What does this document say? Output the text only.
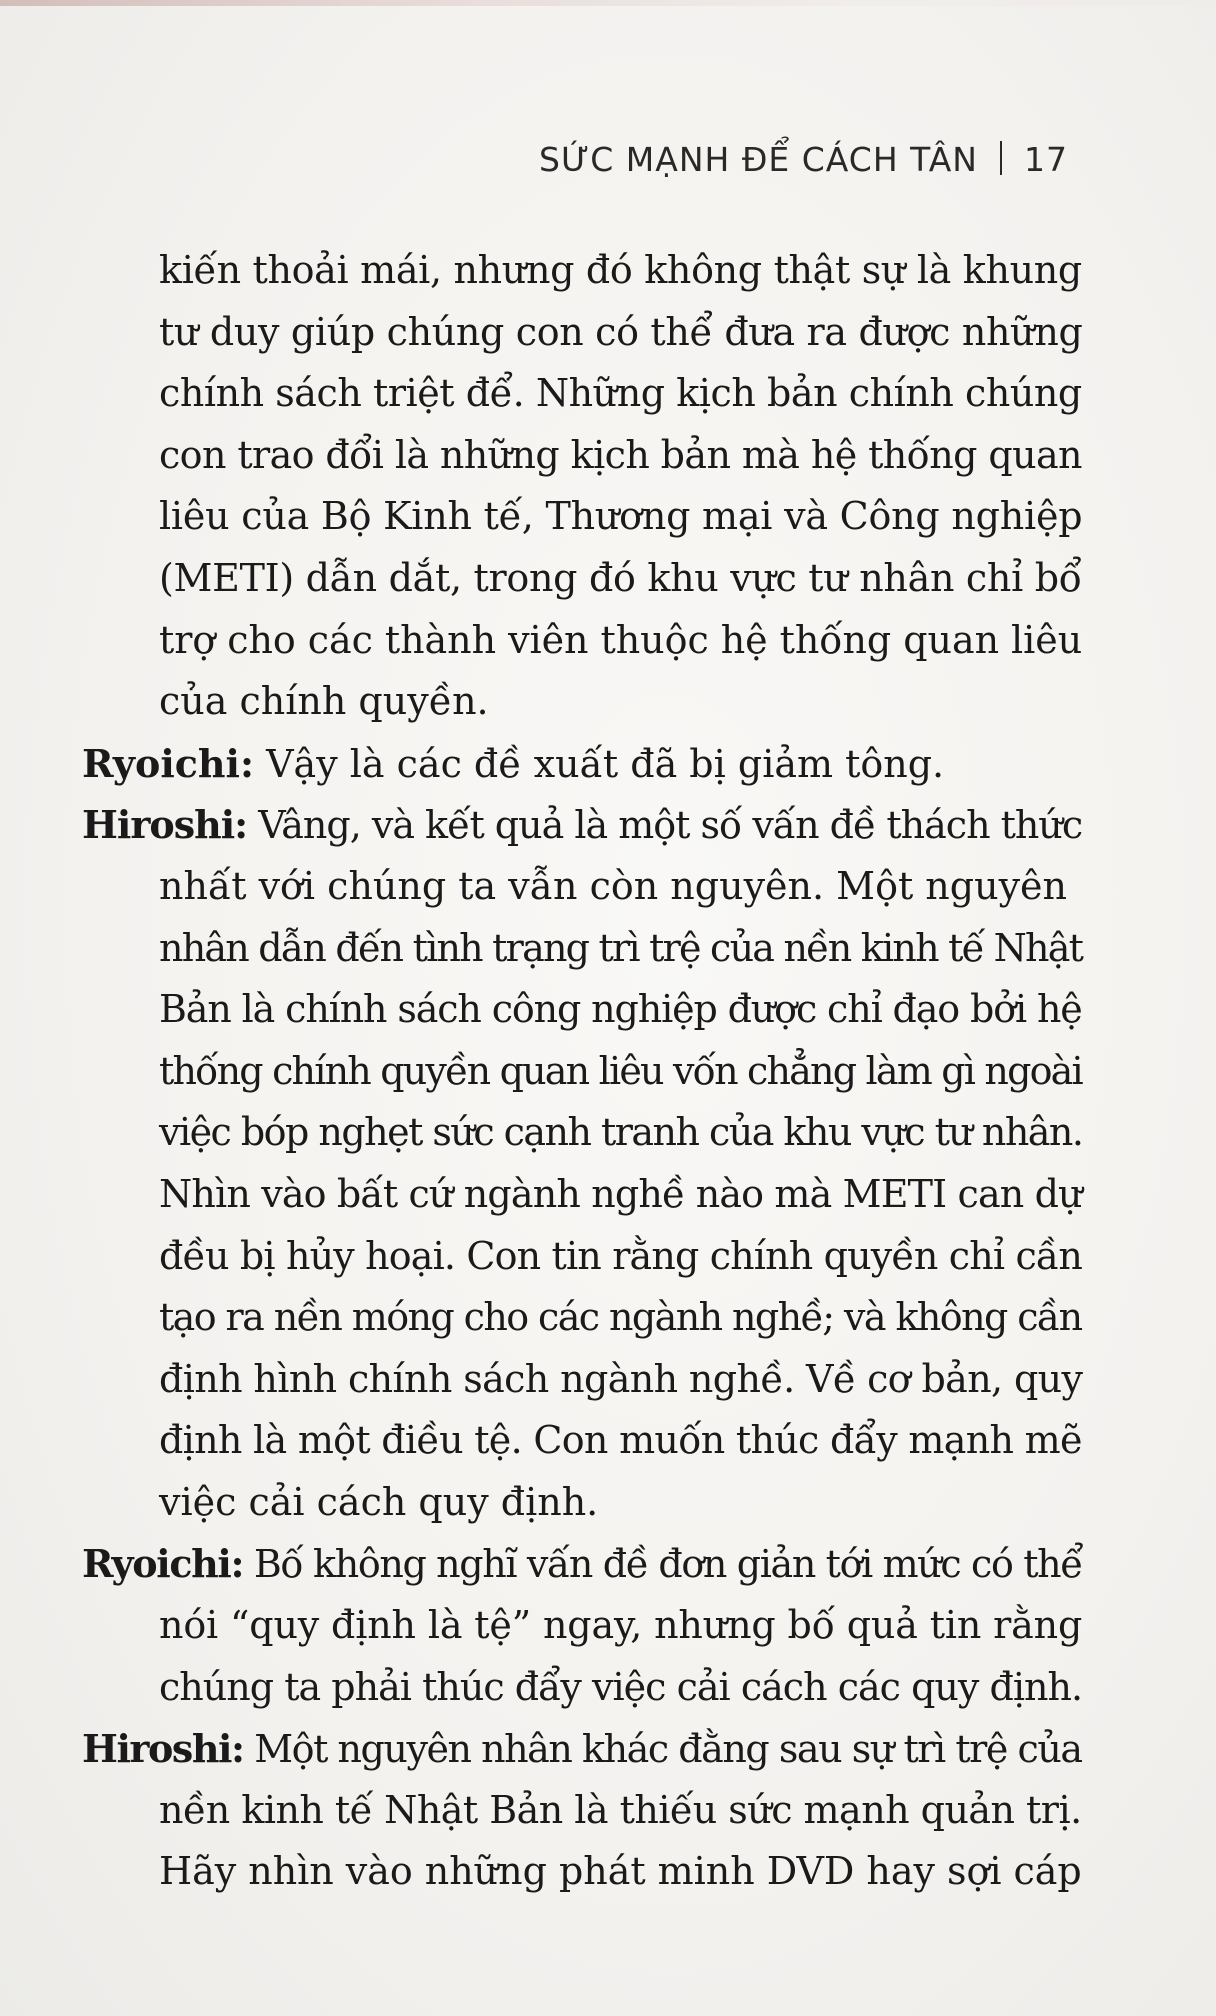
SỨC MẠNH ĐỂ CÁCH TÂN 17
kiến thoải mái, nhưng đó không thật sự là khung
tư duy giúp chúng con có thể đưa ra được những
chính sách triệt để. Những kịch bản chính chúng
con trao đổi là những kịch bản mà hệ thống quan
liêu của Bộ Kinh tế, Thương mại và Công nghiệp
(METI) dẫn dắt, trong đó khu vực tư nhân chỉ bổ
trợ cho các thành viên thuộc hệ thống quan liêu
của chính quyền.
Ryoichi: Vậy là các đề xuất đã bị giảm tông.
Hiroshi: Vâng, và kết quả là một số vấn đề thách thức
nhất với chúng ta vẫn còn nguyên. Một nguyên
nhân dẫn đến tình trạng trì trệ của nền kinh tế Nhật
Bản là chính sách công nghiệp được chỉ đạo bởi hệ
thống chính quyền quan liêu vốn chẳng làm gì ngoài
việc bóp nghẹt sức cạnh tranh của khu vực tư nhân.
Nhìn vào bất cứ ngành nghề nào mà METI can dự
đều bị hủy hoại. Con tin rằng chính quyền chỉ cần
tạo ra nền móng cho các ngành nghề; và không cần
định hình chính sách ngành nghề. Về cơ bản, quy
định là một điều tệ. Con muốn thúc đẩy mạnh mẽ
việc cải cách quy định.
Ryoichi: Bố không nghĩ vấn đề đơn giản tới mức có thể
nói “quy định là tệ” ngay, nhưng bố quả tin rằng
chúng ta phải thúc đẩy việc cải cách các quy định.
Hiroshi: Một nguyên nhân khác đằng sau sự trì trệ của
nền kinh tế Nhật Bản là thiếu sức mạnh quản trị.
Hãy nhìn vào những phát minh DVD hay sợi cáp
